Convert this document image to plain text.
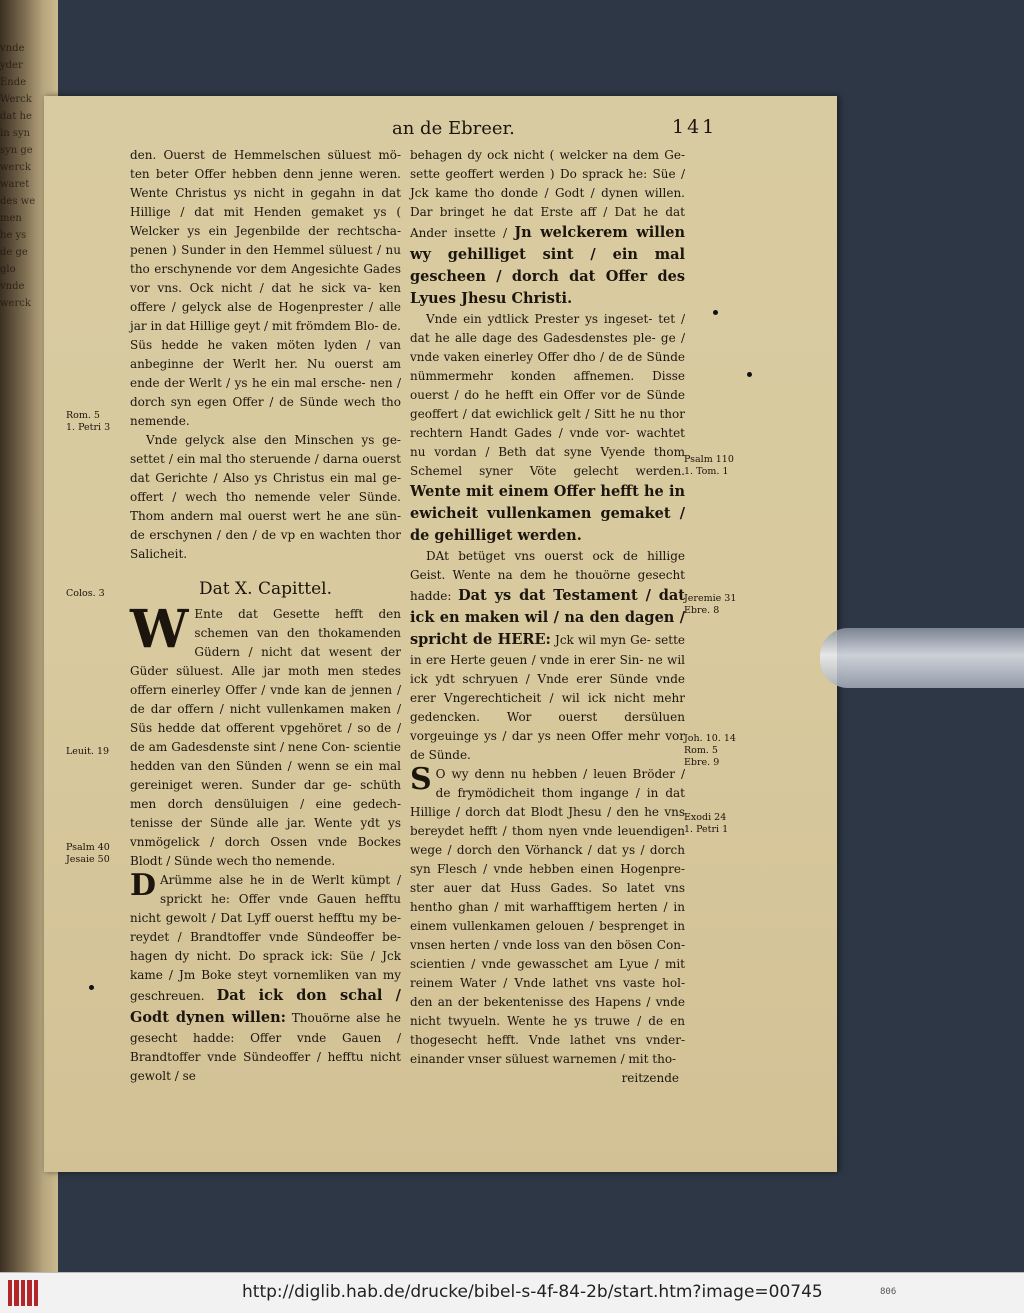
vnde
yder
Ende
Werck
dat he
in syn
syn ge
werck
waret
des we
men
he ys
de ge
glo
vnde
werck
an de Ebreer.	141

den. Ouerst de Hemmelschen süluest mö- ten beter Offer hebben denn jenne weren. Wente Christus ys nicht in gegahn in dat Hillige / dat mit Henden gemaket ys ( Welcker ys ein Jegenbilde der rechtscha- penen ) Sunder in den Hemmel süluest / nu tho erschynende vor dem Angesichte Gades vor vns. Ock nicht / dat he sick va- ken offere / gelyck alse de Hogenprester / alle jar in dat Hillige geyt / mit frömdem Blo- de. Süs hedde he vaken möten lyden / van anbeginne der Werlt her. Nu ouerst am ende der Werlt / ys he ein mal ersche- nen / dorch syn egen Offer / de Sünde wech tho nemende.

Vnde gelyck alse den Minschen ys ge- settet / ein mal tho steruende / darna ouerst dat Gerichte / Also ys Christus ein mal ge- offert / wech tho nemende veler Sünde. Thom andern mal ouerst wert he ane sün- de erschynen / den / de vp en wachten thor Salicheit.

Dat X. Capittel.

W Ente dat Gesette hefft den schemen van den thokamenden Güdern / nicht dat wesent der Güder süluest. Alle jar moth men stedes offern einerley Offer / vnde kan de jennen / de dar offern / nicht vullenkamen maken / Süs hedde dat offerent vpgehöret / so de / de am Gadesdenste sint / nene Con- scientie hedden van den Sünden / wenn se ein mal gereiniget weren. Sunder dar ge- schüth men dorch densüluigen / eine gedech- tenisse der Sünde alle jar. Wente ydt ys vnmögelick / dorch Ossen vnde Bockes Blodt / Sünde wech tho nemende.

D Arümme alse he in de Werlt kümpt / sprickt he: Offer vnde Gauen hefftu nicht gewolt / Dat Lyff ouerst hefftu my be- reydet / Brandtoffer vnde Sündeoffer be- hagen dy nicht. Do sprack ick: Süe / Jck kame / Jm Boke steyt vornemliken van my geschreuen. Dat ick don schal / Godt dynen willen: Thouörne alse he gesecht hadde: Offer vnde Gauen / Brandtoffer vnde Sündeoffer / hefftu nicht gewolt / se

behagen dy ock nicht ( welcker na dem Ge- sette geoffert werden ) Do sprack he: Süe / Jck kame tho donde / Godt / dynen willen. Dar bringet he dat Erste aff / Dat he dat Ander insette / Jn welckerem willen wy gehilliget sint / ein mal gescheen / dorch dat Offer des Lyues Jhesu Christi.

Vnde ein ydtlick Prester ys ingeset- tet / dat he alle dage des Gadesdenstes ple- ge / vnde vaken einerley Offer dho / de de Sünde nümmermehr konden affnemen. Disse ouerst / do he hefft ein Offer vor de Sünde geoffert / dat ewichlick gelt / Sitt he nu thor rechtern Handt Gades / vnde vor- wachtet nu vordan / Beth dat syne Vyende thom Schemel syner Vöte gelecht werden. Wente mit einem Offer hefft he in ewicheit vullenkamen gemaket / de gehilliget werden.

DAt betüget vns ouerst ock de hillige Geist. Wente na dem he thouörne gesecht hadde: Dat ys dat Testament / dat ick en maken wil / na den dagen / spricht de HERE: Jck wil myn Ge- sette in ere Herte geuen / vnde in erer Sin- ne wil ick ydt schryuen / Vnde erer Sünde vnde erer Vngerechticheit / wil ick nicht mehr gedencken. Wor ouerst dersüluen vorgeuinge ys / dar ys neen Offer mehr vor de Sünde.

S O wy denn nu hebben / leuen Bröder / de frymödicheit thom ingange / in dat Hillige / dorch dat Blodt Jhesu / den he vns bereydet hefft / thom nyen vnde leuendigen wege / dorch den Vörhanck / dat ys / dorch syn Flesch / vnde hebben einen Hogenpre- ster auer dat Huss Gades. So latet vns hentho ghan / mit warhafftigem herten / in einem vullenkamen gelouen / besprenget in vnsen herten / vnde loss van den bösen Con- scientien / vnde gewasschet am Lyue / mit reinem Water / Vnde lathet vns vaste hol- den an der bekentenisse des Hapens / vnde nicht twyueln. Wente he ys truwe / de en thogesecht hefft. Vnde lathet vns vnder- einander vnser süluest warnemen / mit tho-

reitzende

Rom. 5
1. Petri 3
Colos. 3
Leuit. 19
Psalm 40
Jesaie 50
Psalm 110
1. Tom. 1
Jeremie 31
Ebre. 8
Joh. 10. 14
Rom. 5
Ebre. 9
Exodi 24
1. Petri 1
http://diglib.hab.de/drucke/bibel-s-4f-84-2b/start.htm?image=00745	806
